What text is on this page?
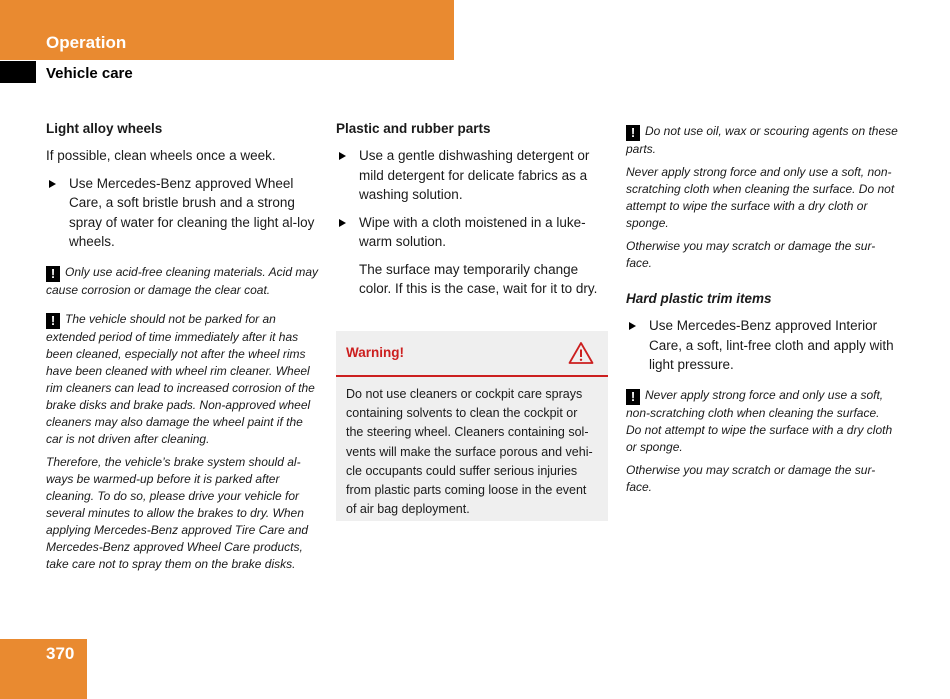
Operation
Vehicle care
Light alloy wheels

If possible, clean wheels once a week.

Use Mercedes-Benz approved Wheel Care, a soft bristle brush and a strong spray of water for cleaning the light al-loy wheels.

! Only use acid-free cleaning materials. Acid may cause corrosion or damage the clear coat.

! The vehicle should not be parked for an extended period of time immediately after it has been cleaned, especially not after the wheel rims have been cleaned with wheel rim cleaner. Wheel rim cleaners can lead to increased corrosion of the brake disks and brake pads. Non-approved wheel cleaners may also damage the wheel paint if the car is not driven after cleaning.

Therefore, the vehicle’s brake system should al-ways be warmed-up before it is parked after cleaning. To do so, please drive your vehicle for several minutes to allow the brakes to dry. When applying Mercedes-Benz approved Tire Care and Mercedes-Benz approved Wheel Care products, take care not to spray them on the brake disks.

Plastic and rubber parts
Use a gentle dishwashing detergent or mild detergent for delicate fabrics as a washing solution.
Wipe with a cloth moistened in a luke-warm solution.
The surface may temporarily change color. If this is the case, wait for it to dry.
Warning!
Do not use cleaners or cockpit care sprays containing solvents to clean the cockpit or the steering wheel. Cleaners containing sol-vents will make the surface porous and vehi-cle occupants could suffer serious injuries from plastic parts coming loose in the event of air bag deployment.

! Do not use oil, wax or scouring agents on these parts.

Never apply strong force and only use a soft, non-scratching cloth when cleaning the surface. Do not attempt to wipe the surface with a dry cloth or sponge.

Otherwise you may scratch or damage the sur-face.

Hard plastic trim items
Use Mercedes-Benz approved Interior Care, a soft, lint-free cloth and apply with light pressure.

! Never apply strong force and only use a soft, non-scratching cloth when cleaning the surface. Do not attempt to wipe the surface with a dry cloth or sponge.

Otherwise you may scratch or damage the sur-face.

370
